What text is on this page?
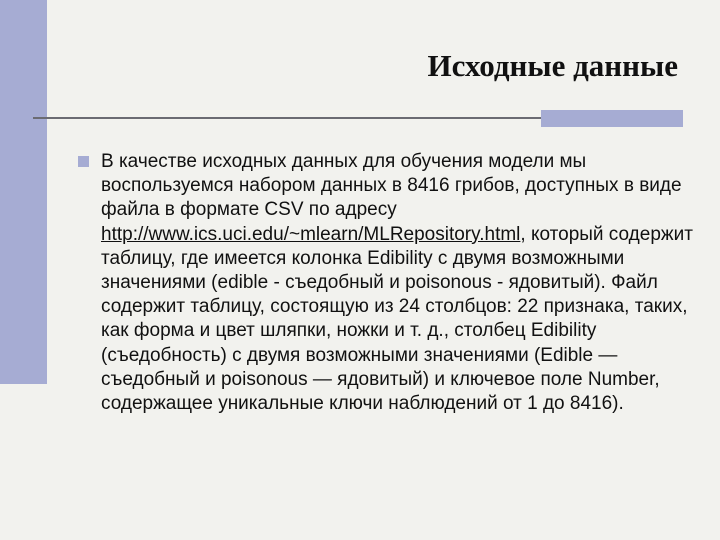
Исходные данные

В качестве исходных данных для обучения модели мы воспользуемся набором данных в 8416 грибов, доступных в виде файла в формате CSV по адресу http://www.ics.uci.edu/~mlearn/MLRepository.html, который содержит таблицу, где имеется колонка Edibility с двумя возможными значениями (edible - съедобный и poisonous - ядовитый). Файл содержит таблицу, состоящую из 24 столбцов: 22 признака, таких, как форма и цвет шляпки, ножки и т. д., столбец Edibility (съедобность) с двумя возможными значениями (Edible — съедобный и poisonous — ядовитый) и ключевое поле Number, содержащее уникальные ключи наблюдений от 1 до 8416).
